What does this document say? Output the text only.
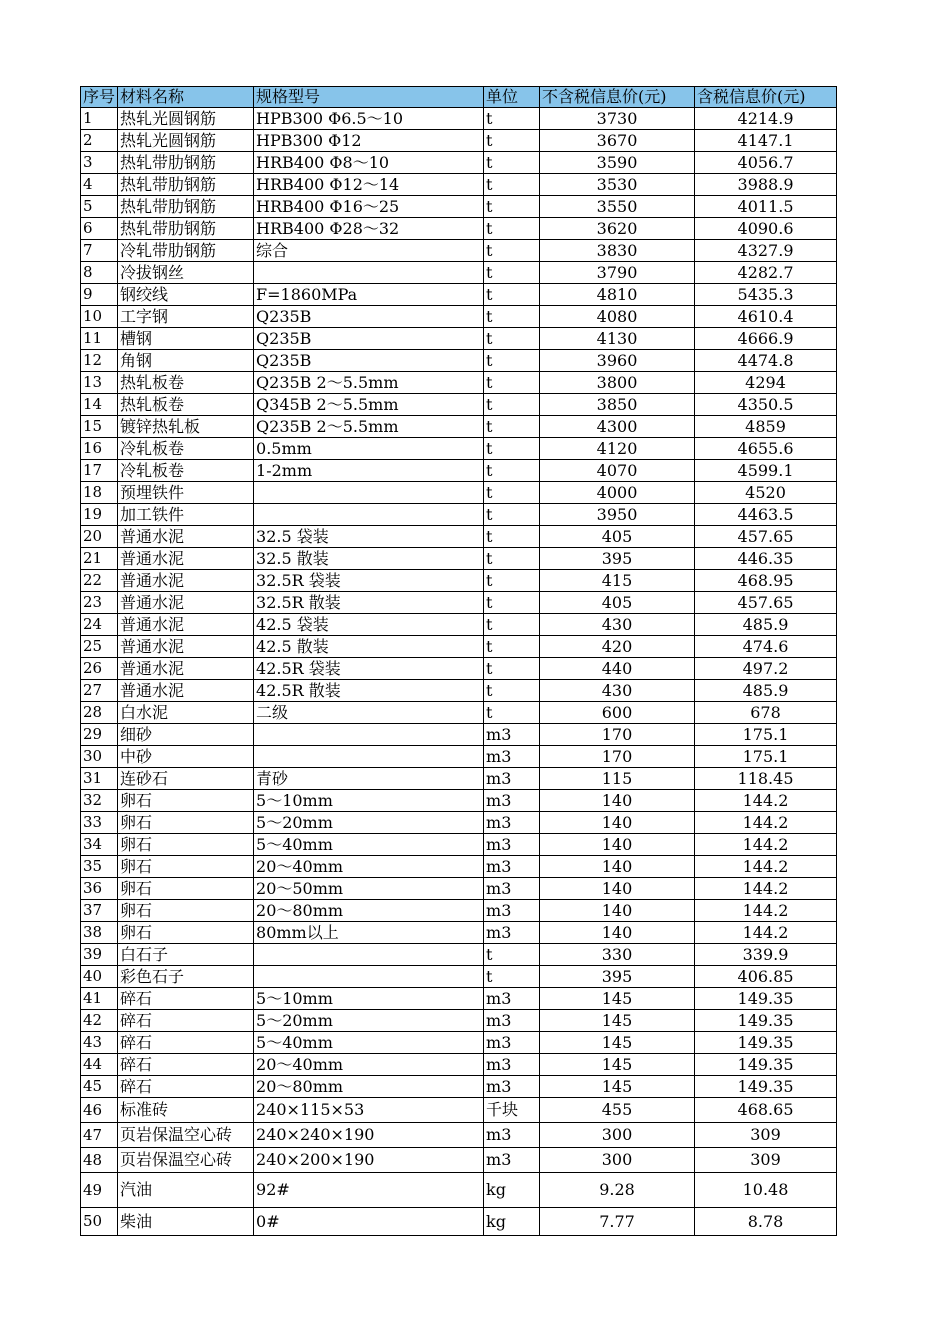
序号	材料名称	规格型号	单位	不含税信息价(元)	含税信息价(元)
1	热轧光圆钢筋	HPB300 Φ6.5～10	t	3730	4214.9
2	热轧光圆钢筋	HPB300 Φ12	t	3670	4147.1
3	热轧带肋钢筋	HRB400 Φ8～10	t	3590	4056.7
4	热轧带肋钢筋	HRB400 Φ12～14	t	3530	3988.9
5	热轧带肋钢筋	HRB400 Φ16～25	t	3550	4011.5
6	热轧带肋钢筋	HRB400 Φ28～32	t	3620	4090.6
7	冷轧带肋钢筋	综合	t	3830	4327.9
8	冷拔钢丝		t	3790	4282.7
9	钢绞线	F=1860MPa	t	4810	5435.3
10	工字钢	Q235B	t	4080	4610.4
11	槽钢	Q235B	t	4130	4666.9
12	角钢	Q235B	t	3960	4474.8
13	热轧板卷	Q235B 2～5.5mm	t	3800	4294
14	热轧板卷	Q345B 2～5.5mm	t	3850	4350.5
15	镀锌热轧板	Q235B 2～5.5mm	t	4300	4859
16	冷轧板卷	0.5mm	t	4120	4655.6
17	冷轧板卷	1-2mm	t	4070	4599.1
18	预埋铁件		t	4000	4520
19	加工铁件		t	3950	4463.5
20	普通水泥	32.5 袋装	t	405	457.65
21	普通水泥	32.5 散装	t	395	446.35
22	普通水泥	32.5R 袋装	t	415	468.95
23	普通水泥	32.5R 散装	t	405	457.65
24	普通水泥	42.5 袋装	t	430	485.9
25	普通水泥	42.5 散装	t	420	474.6
26	普通水泥	42.5R 袋装	t	440	497.2
27	普通水泥	42.5R 散装	t	430	485.9
28	白水泥	二级	t	600	678
29	细砂		m3	170	175.1
30	中砂		m3	170	175.1
31	连砂石	青砂	m3	115	118.45
32	卵石	5～10mm	m3	140	144.2
33	卵石	5～20mm	m3	140	144.2
34	卵石	5～40mm	m3	140	144.2
35	卵石	20～40mm	m3	140	144.2
36	卵石	20～50mm	m3	140	144.2
37	卵石	20～80mm	m3	140	144.2
38	卵石	80mm以上	m3	140	144.2
39	白石子		t	330	339.9
40	彩色石子		t	395	406.85
41	碎石	5～10mm	m3	145	149.35
42	碎石	5～20mm	m3	145	149.35
43	碎石	5～40mm	m3	145	149.35
44	碎石	20～40mm	m3	145	149.35
45	碎石	20～80mm	m3	145	149.35
46	标准砖	240×115×53	千块	455	468.65
47	页岩保温空心砖	240×240×190	m3	300	309
48	页岩保温空心砖	240×200×190	m3	300	309
49	汽油	92#	kg	9.28	10.48
50	柴油	0#	kg	7.77	8.78
